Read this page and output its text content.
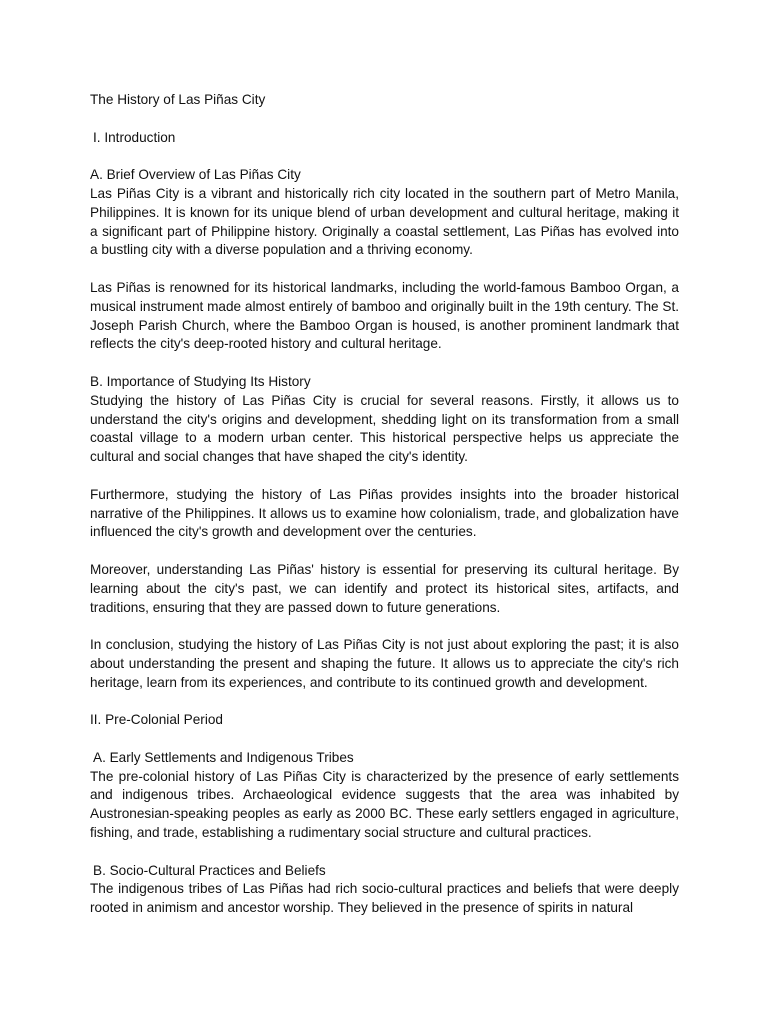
The History of Las Piñas City

I. Introduction

A. Brief Overview of Las Piñas City

Las Piñas City is a vibrant and historically rich city located in the southern part of Metro Manila, Philippines. It is known for its unique blend of urban development and cultural heritage, making it a significant part of Philippine history. Originally a coastal settlement, Las Piñas has evolved into a bustling city with a diverse population and a thriving economy.

Las Piñas is renowned for its historical landmarks, including the world-famous Bamboo Organ, a musical instrument made almost entirely of bamboo and originally built in the 19th century. The St. Joseph Parish Church, where the Bamboo Organ is housed, is another prominent landmark that reflects the city's deep-rooted history and cultural heritage.

B. Importance of Studying Its History

Studying the history of Las Piñas City is crucial for several reasons. Firstly, it allows us to understand the city's origins and development, shedding light on its transformation from a small coastal village to a modern urban center. This historical perspective helps us appreciate the cultural and social changes that have shaped the city's identity.

Furthermore, studying the history of Las Piñas provides insights into the broader historical narrative of the Philippines. It allows us to examine how colonialism, trade, and globalization have influenced the city's growth and development over the centuries.

Moreover, understanding Las Piñas' history is essential for preserving its cultural heritage. By learning about the city's past, we can identify and protect its historical sites, artifacts, and traditions, ensuring that they are passed down to future generations.

In conclusion, studying the history of Las Piñas City is not just about exploring the past; it is also about understanding the present and shaping the future. It allows us to appreciate the city's rich heritage, learn from its experiences, and contribute to its continued growth and development.

II. Pre-Colonial Period

A. Early Settlements and Indigenous Tribes

The pre-colonial history of Las Piñas City is characterized by the presence of early settlements and indigenous tribes. Archaeological evidence suggests that the area was inhabited by Austronesian-speaking peoples as early as 2000 BC. These early settlers engaged in agriculture, fishing, and trade, establishing a rudimentary social structure and cultural practices.

B. Socio-Cultural Practices and Beliefs

The indigenous tribes of Las Piñas had rich socio-cultural practices and beliefs that were deeply rooted in animism and ancestor worship. They believed in the presence of spirits in natural
